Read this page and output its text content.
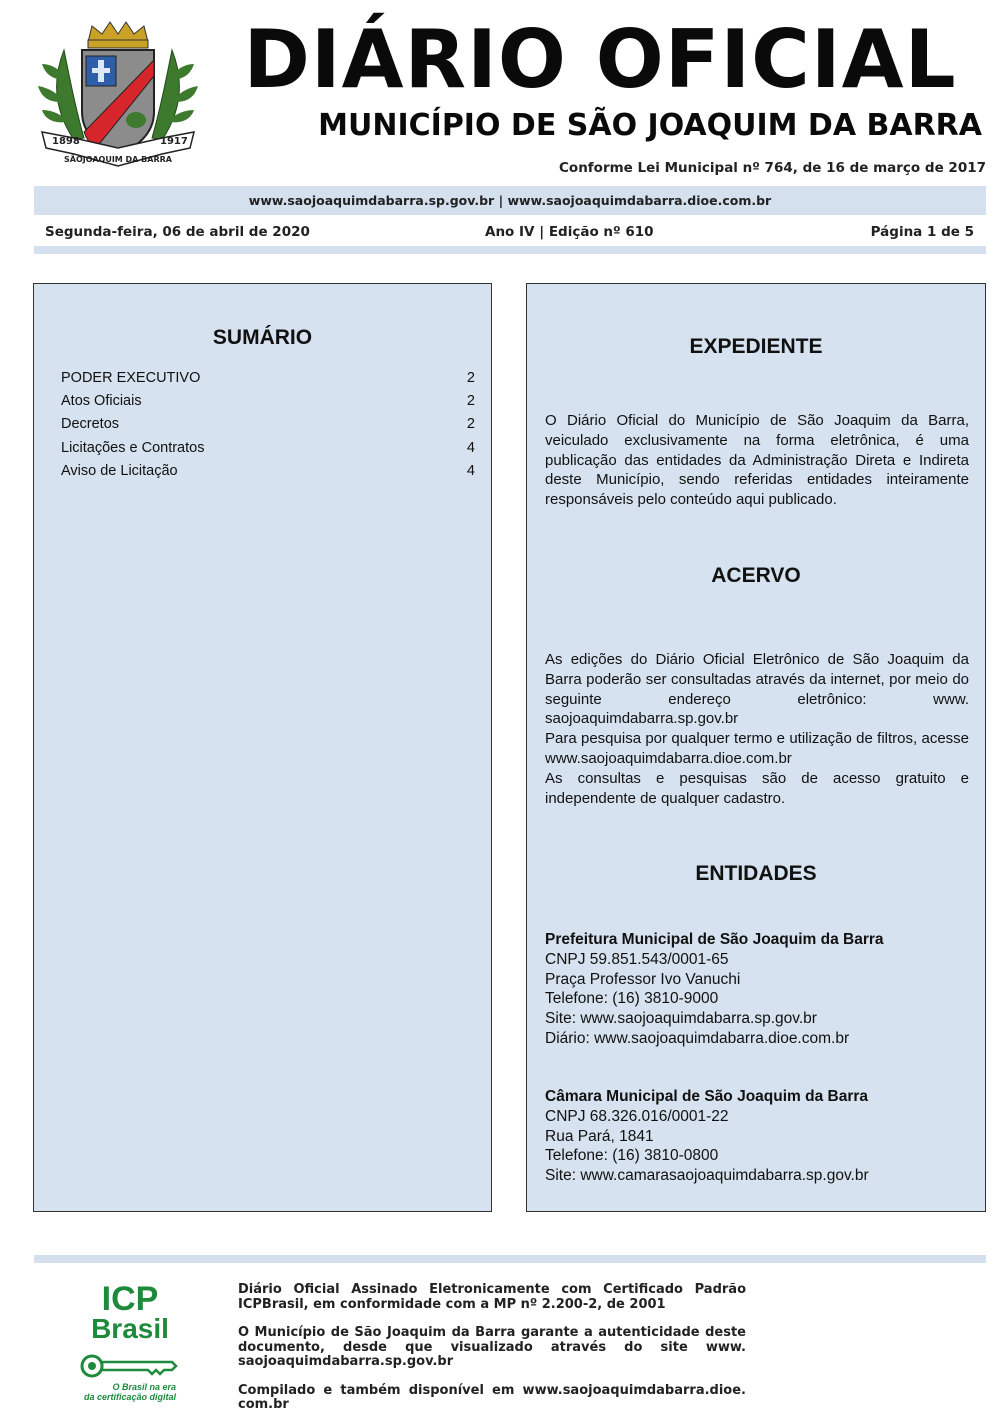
1898	1917
SÃOJOAQUIM DA BARRA
DIÁRIO OFICIAL
MUNICÍPIO DE SÃO JOAQUIM DA BARRA
Conforme Lei Municipal nº 764, de 16 de março de 2017
www.saojoaquimdabarra.sp.gov.br | www.saojoaquimdabarra.dioe.com.br
Segunda-feira, 06 de abril de 2020	Ano IV | Edição nº 610	Página 1 de 5
SUMÁRIO
PODER EXECUTIVO	2
Atos Oficiais	2
Decretos	2
Licitações e Contratos	4
Aviso de Licitação	4
EXPEDIENTE

O Diário Oficial do Município de São Joaquim da Barra, veiculado exclusivamente na forma eletrônica, é uma publicação das entidades da Administração Direta e Indireta deste Município, sendo referidas entidades inteiramente responsáveis pelo conteúdo aqui publicado.

ACERVO

As edições do Diário Oficial Eletrônico de São Joaquim da Barra poderão ser consultadas através da internet, por meio do seguinte endereço eletrônico: www. saojoaquimdabarra.sp.gov.br

Para pesquisa por qualquer termo e utilização de filtros, acesse www.saojoaquimdabarra.dioe.com.br

As consultas e pesquisas são de acesso gratuito e independente de qualquer cadastro.

ENTIDADES
Prefeitura Municipal de São Joaquim da Barra
CNPJ 59.851.543/0001-65
Praça Professor Ivo Vanuchi
Telefone: (16) 3810-9000
Site: www.saojoaquimdabarra.sp.gov.br
Diário: www.saojoaquimdabarra.dioe.com.br
Câmara Municipal de São Joaquim da Barra
CNPJ 68.326.016/0001-22
Rua Pará, 1841
Telefone: (16) 3810-0800
Site: www.camarasaojoaquimdabarra.sp.gov.br
ICP
Brasil
O Brasil na era
da certificação digital

Diário Oficial Assinado Eletronicamente com Certificado Padrão ICPBrasil, em conformidade com a MP nº 2.200-2, de 2001

O Município de São Joaquim da Barra garante a autenticidade deste documento, desde que visualizado através do site www. saojoaquimdabarra.sp.gov.br

Compilado e também disponível em www.saojoaquimdabarra.dioe. com.br
